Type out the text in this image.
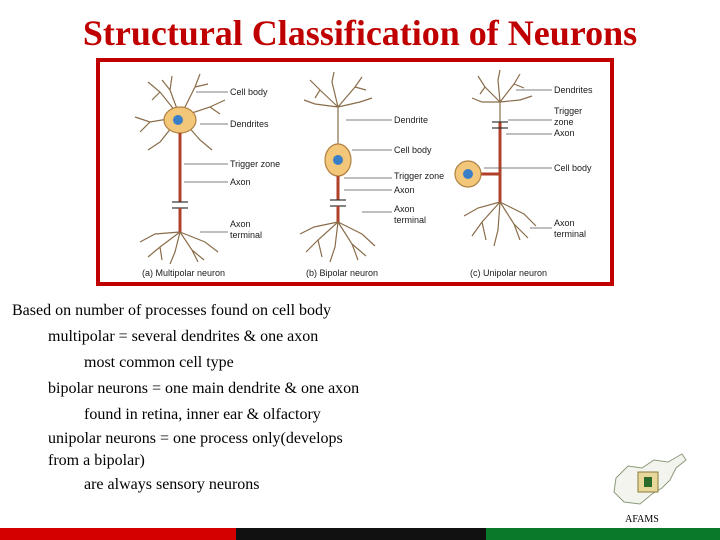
Structural Classification of Neurons
Cell body
Dendrites
Trigger zone
Axon
Axon
terminal
(a) Multipolar neuron
Dendrite
Cell body
Trigger zone
Axon
Axon
terminal
(b) Bipolar neuron
Dendrites
Trigger
zone
Axon
Cell body
Axon
terminal
(c) Unipolar neuron
Based on number of processes found on cell body
multipolar = several dendrites & one axon
most common cell type
bipolar neurons = one main dendrite & one axon
found in retina, inner ear & olfactory
unipolar neurons = one process only(develops
from a bipolar)
are always sensory neurons
AFAMS
